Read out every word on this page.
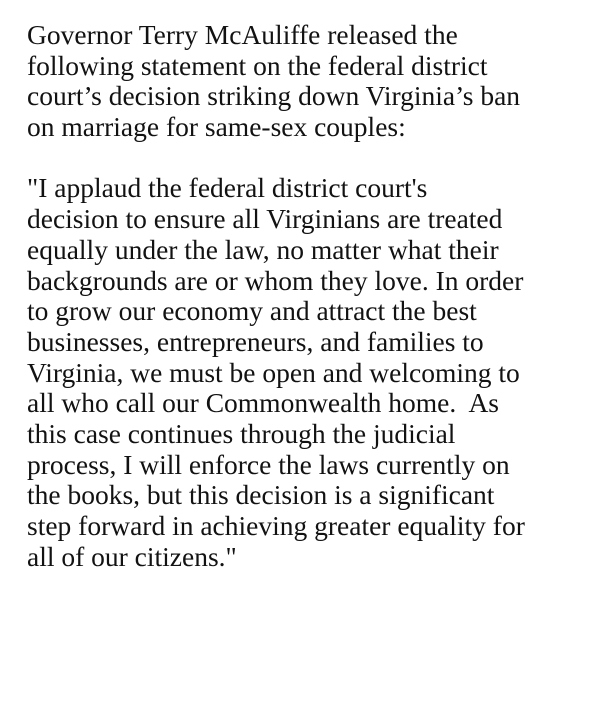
Governor Terry McAuliffe released the
following statement on the federal district
court’s decision striking down Virginia’s ban
on marriage for same-sex couples:
"I applaud the federal district court's
decision to ensure all Virginians are treated
equally under the law, no matter what their
backgrounds are or whom they love. In order
to grow our economy and attract the best
businesses, entrepreneurs, and families to
Virginia, we must be open and welcoming to
all who call our Commonwealth home.  As
this case continues through the judicial
process, I will enforce the laws currently on
the books, but this decision is a significant
step forward in achieving greater equality for
all of our citizens."
